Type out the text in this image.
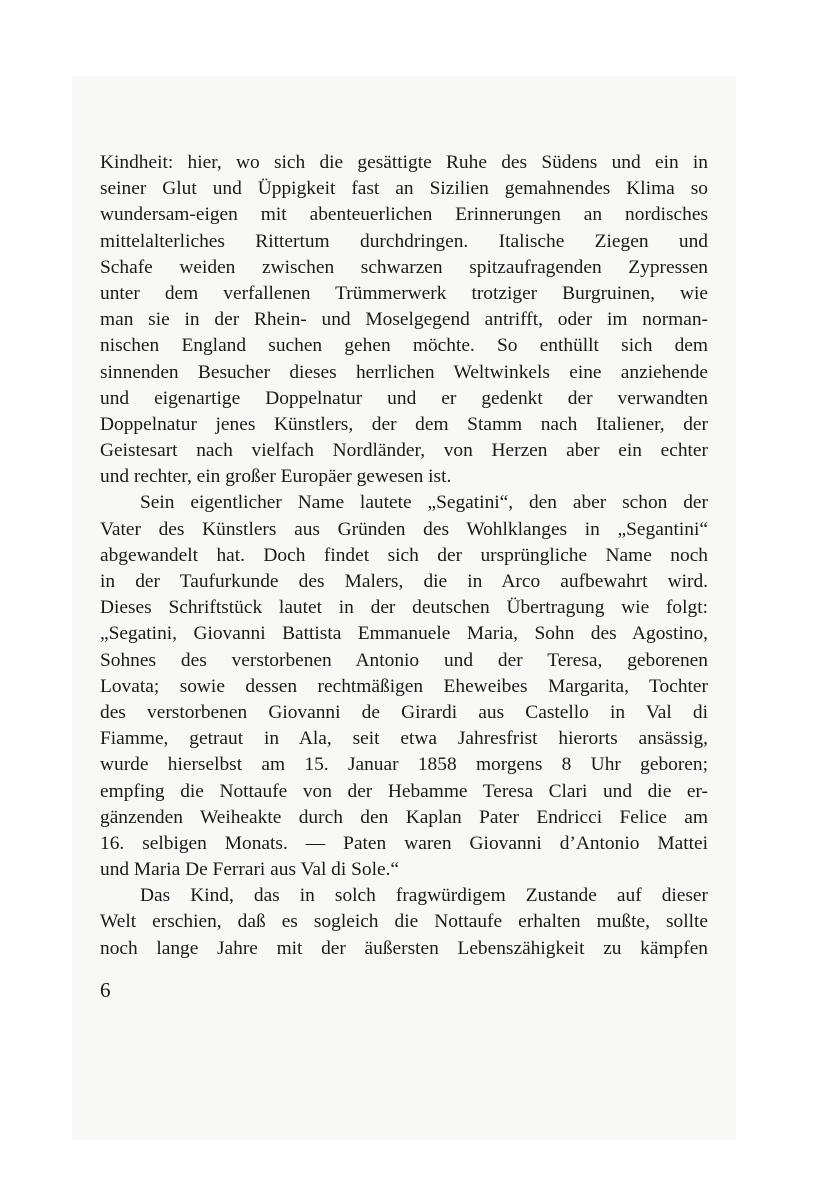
Kindheit: hier, wo sich die gesättigte Ruhe des Südens und ein in
seiner Glut und Üppigkeit fast an Sizilien gemahnendes Klima so
wundersam-eigen mit abenteuerlichen Erinnerungen an nordisches
mittelalterliches Rittertum durchdringen. Italische Ziegen und
Schafe weiden zwischen schwarzen spitzaufragenden Zypressen
unter dem verfallenen Trümmerwerk trotziger Burgruinen, wie
man sie in der Rhein- und Moselgegend antrifft, oder im norman-
nischen England suchen gehen möchte. So enthüllt sich dem
sinnenden Besucher dieses herrlichen Weltwinkels eine anziehende
und eigenartige Doppelnatur und er gedenkt der verwandten
Doppelnatur jenes Künstlers, der dem Stamm nach Italiener, der
Geistesart nach vielfach Nordländer, von Herzen aber ein echter
und rechter, ein großer Europäer gewesen ist.
Sein eigentlicher Name lautete „Segatini“, den aber schon der
Vater des Künstlers aus Gründen des Wohlklanges in „Segantini“
abgewandelt hat. Doch findet sich der ursprüngliche Name noch
in der Taufurkunde des Malers, die in Arco aufbewahrt wird.
Dieses Schriftstück lautet in der deutschen Übertragung wie folgt:
„Segatini, Giovanni Battista Emmanuele Maria, Sohn des Agostino,
Sohnes des verstorbenen Antonio und der Teresa, geborenen
Lovata; sowie dessen rechtmäßigen Eheweibes Margarita, Tochter
des verstorbenen Giovanni de Girardi aus Castello in Val di
Fiamme, getraut in Ala, seit etwa Jahresfrist hierorts ansässig,
wurde hierselbst am 15. Januar 1858 morgens 8 Uhr geboren;
empfing die Nottaufe von der Hebamme Teresa Clari und die er-
gänzenden Weiheakte durch den Kaplan Pater Endricci Felice am
16. selbigen Monats. — Paten waren Giovanni d’Antonio Mattei
und Maria De Ferrari aus Val di Sole.“
Das Kind, das in solch fragwürdigem Zustande auf dieser
Welt erschien, daß es sogleich die Nottaufe erhalten mußte, sollte
noch lange Jahre mit der äußersten Lebenszähigkeit zu kämpfen
6
